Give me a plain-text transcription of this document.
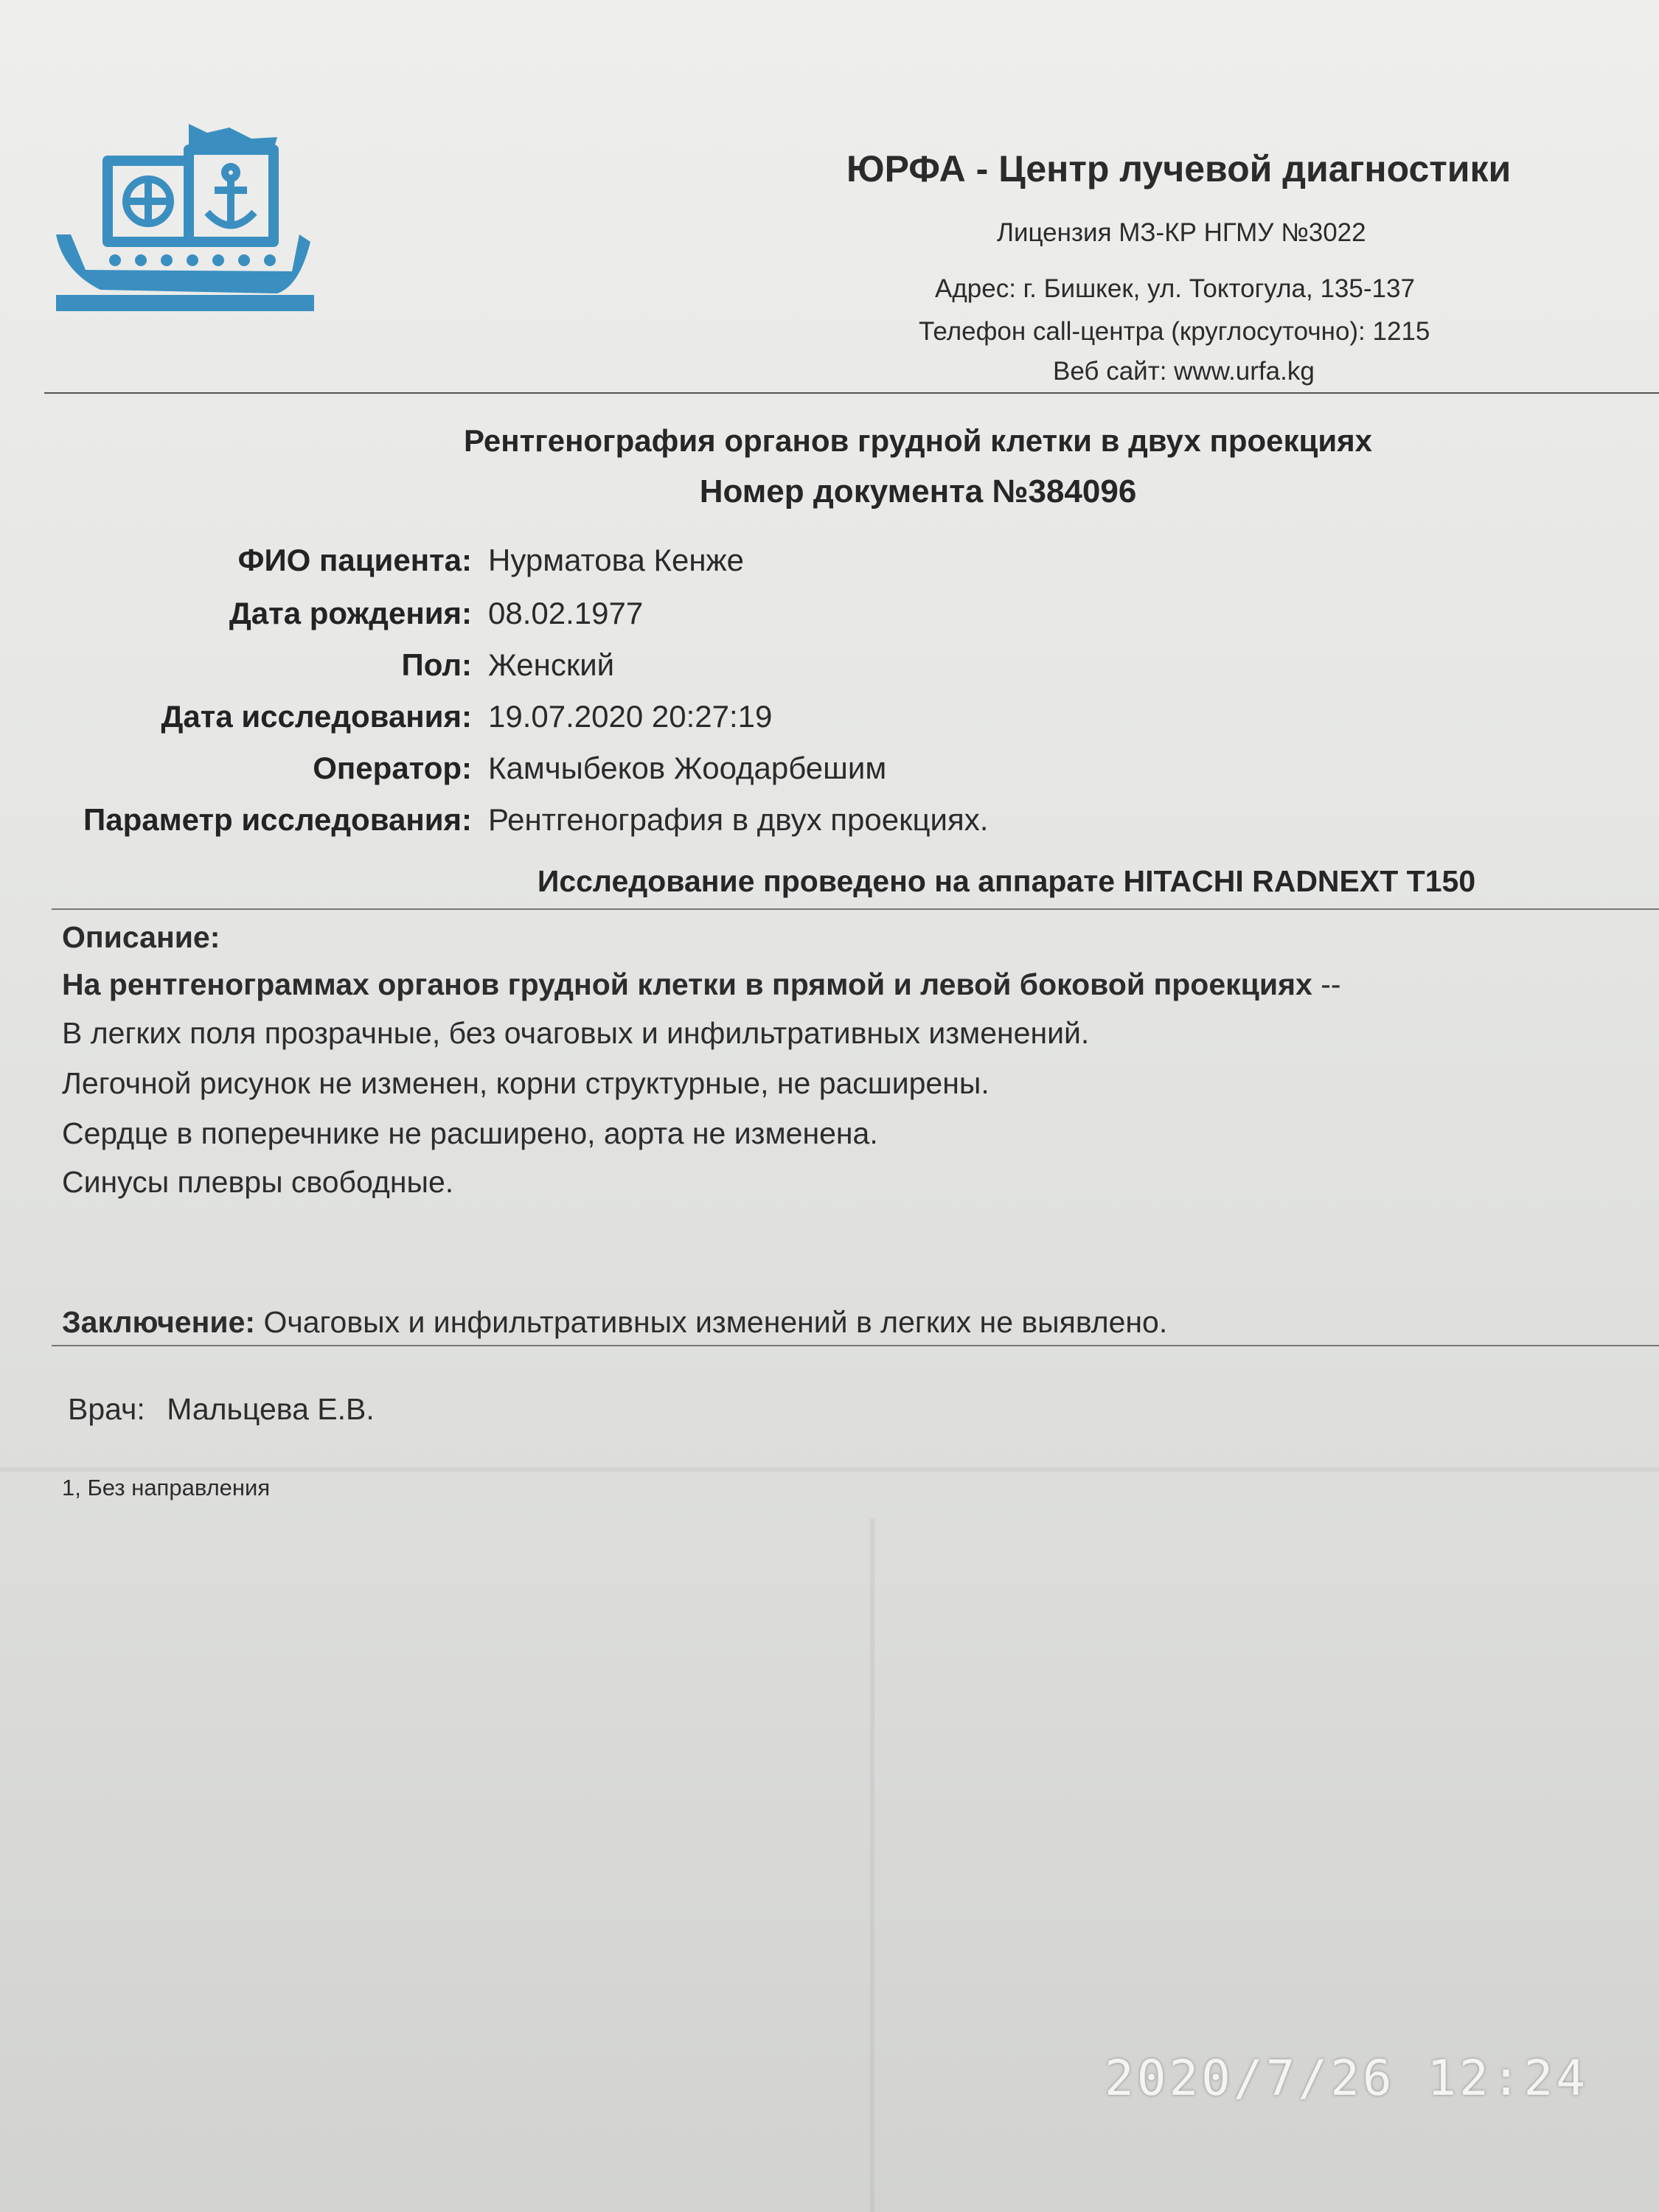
ЮРФА - Центр лучевой диагностики
Лицензия МЗ-КР НГМУ №3022
Адрес: г. Бишкек, ул. Токтогула, 135-137
Телефон call-центра (круглосуточно): 1215
Веб сайт: www.urfa.kg
Рентгенография органов грудной клетки в двух проекциях
Номер документа №384096
ФИО пациента: Нурматова Кенже
Дата рождения: 08.02.1977
Пол: Женский
Дата исследования: 19.07.2020 20:27:19
Оператор: Камчыбеков Жоодарбешим
Параметр исследования: Рентгенография в двух проекциях.
Исследование проведено на аппарате HITACHI RADNEXT T150
Описание:
На рентгенограммах органов грудной клетки в прямой и левой боковой проекциях --
В легких поля прозрачные, без очаговых и инфильтративных изменений.
Легочной рисунок не изменен, корни структурные, не расширены.
Сердце в поперечнике не расширено, аорта не изменена.
Синусы плевры свободные.
Заключение: Очаговых и инфильтративных изменений в легких не выявлено.
Врач: Мальцева Е.В.
1, Без направления
2020/7/26 12:24
